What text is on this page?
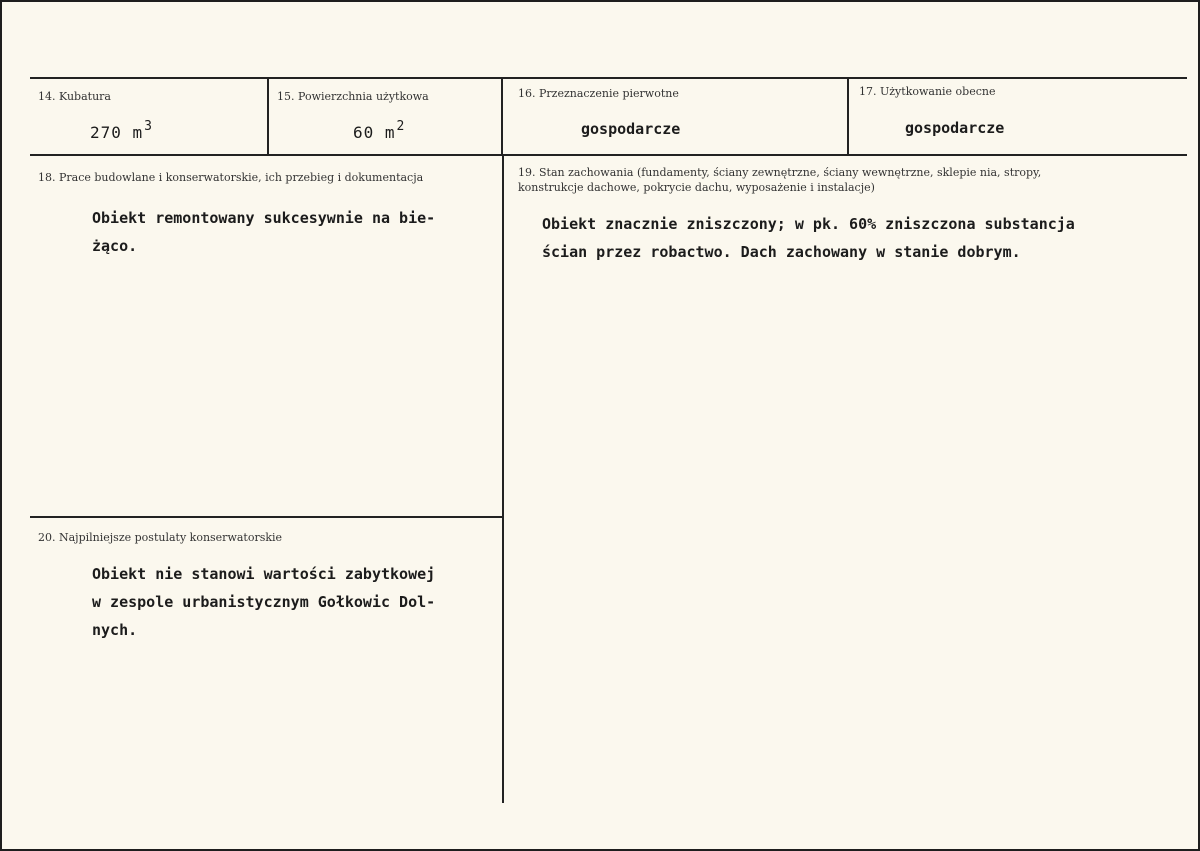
14. Kubatura
270 $m^3$
15. Powierzchnia użytkowa
60 $m^2$
16. Przeznaczenie pierwotne
gospodarcze
17. Użytkowanie obecne
gospodarcze
18. Prace budowlane i konserwatorskie, ich przebieg i dokumentacja
Obiekt remontowany sukcesywnie na bie-
żąco.
19. Stan zachowania (fundamenty, ściany zewnętrzne, ściany wewnętrzne, sklepie nia, stropy,
konstrukcje dachowe, pokrycie dachu, wyposażenie i instalacje)
Obiekt znacznie zniszczony; w pk. 60% zniszczona substancja
ścian przez robactwo. Dach zachowany w stanie dobrym.
20. Najpilniejsze postulaty konserwatorskie
Obiekt nie stanowi wartości zabytkowej
w zespole urbanistycznym Gołkowic Dol-
nych.
